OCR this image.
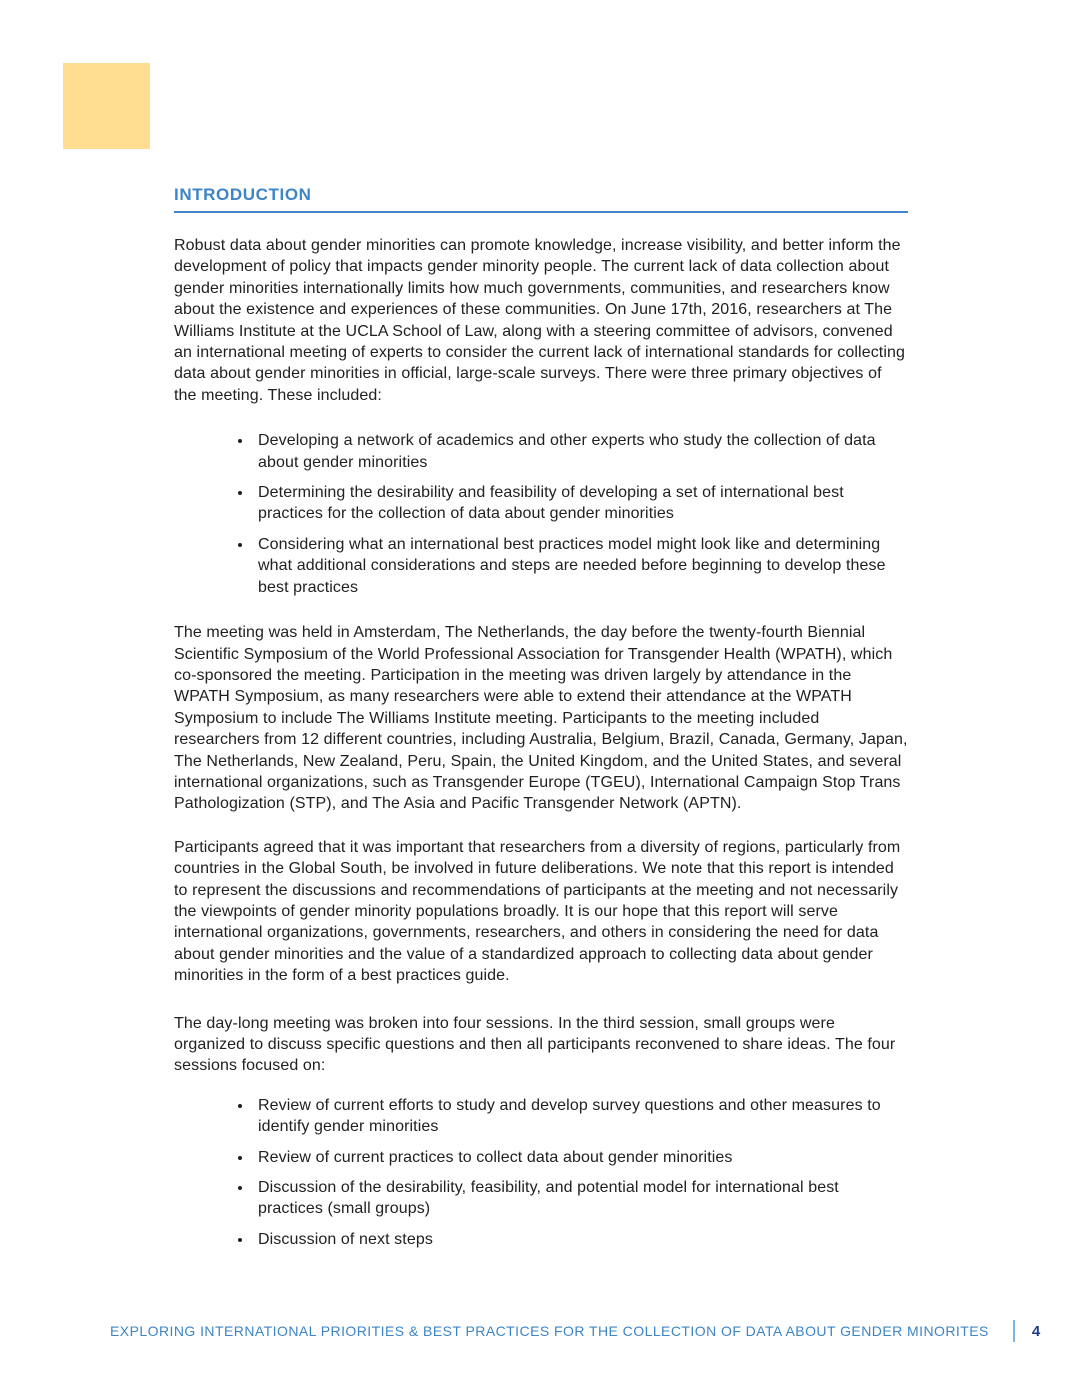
INTRODUCTION

Robust data about gender minorities can promote knowledge, increase visibility, and better inform the development of policy that impacts gender minority people. The current lack of data collection about gender minorities internationally limits how much governments, communities, and researchers know about the existence and experiences of these communities. On June 17th, 2016, researchers at The Williams Institute at the UCLA School of Law, along with a steering committee of advisors, convened an international meeting of experts to consider the current lack of international standards for collecting data about gender minorities in official, large-scale surveys. There were three primary objectives of the meeting. These included:

Developing a network of academics and other experts who study the collection of data about gender minorities
Determining the desirability and feasibility of developing a set of international best practices for the collection of data about gender minorities
Considering what an international best practices model might look like and determining what additional considerations and steps are needed before beginning to develop these best practices

The meeting was held in Amsterdam, The Netherlands, the day before the twenty-fourth Biennial Scientific Symposium of the World Professional Association for Transgender Health (WPATH), which co-sponsored the meeting. Participation in the meeting was driven largely by attendance in the WPATH Symposium, as many researchers were able to extend their attendance at the WPATH Symposium to include The Williams Institute meeting. Participants to the meeting included researchers from 12 different countries, including Australia, Belgium, Brazil, Canada, Germany, Japan, The Netherlands, New Zealand, Peru, Spain, the United Kingdom, and the United States, and several international organizations, such as Transgender Europe (TGEU), International Campaign Stop Trans Pathologization (STP), and The Asia and Pacific Transgender Network (APTN).

Participants agreed that it was important that researchers from a diversity of regions, particularly from countries in the Global South, be involved in future deliberations. We note that this report is intended to represent the discussions and recommendations of participants at the meeting and not necessarily the viewpoints of gender minority populations broadly. It is our hope that this report will serve international organizations, governments, researchers, and others in considering the need for data about gender minorities and the value of a standardized approach to collecting data about gender minorities in the form of a best practices guide.

The day-long meeting was broken into four sessions. In the third session, small groups were organized to discuss specific questions and then all participants reconvened to share ideas. The four sessions focused on:

Review of current efforts to study and develop survey questions and other measures to identify gender minorities
Review of current practices to collect data about gender minorities
Discussion of the desirability, feasibility, and potential model for international best practices (small groups)
Discussion of next steps
EXPLORING INTERNATIONAL PRIORITIES & BEST PRACTICES FOR THE COLLECTION OF DATA ABOUT GENDER MINORITES	4
